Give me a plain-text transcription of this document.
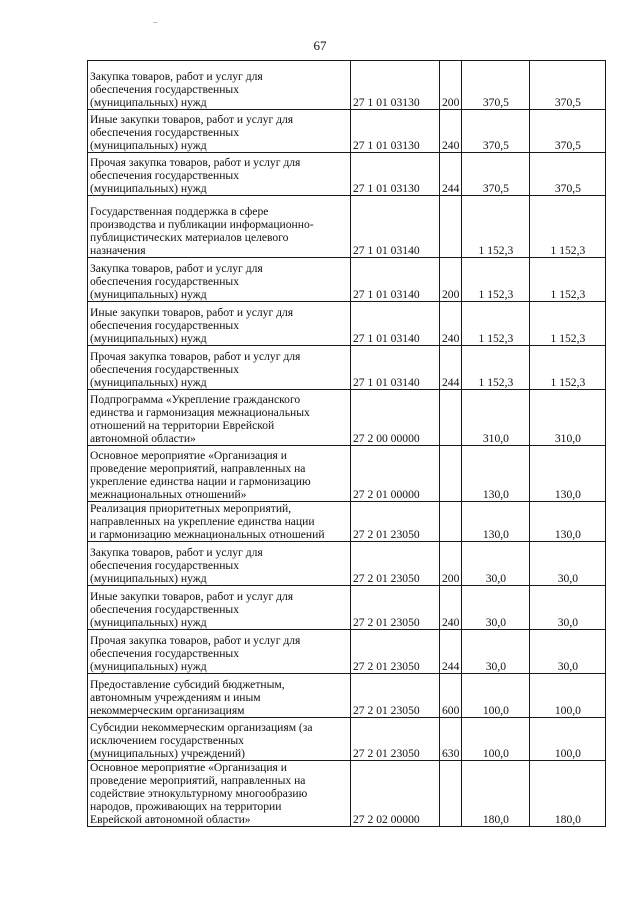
67
Закупка товаров, работ и услуг для
обеспечения государственных
(муниципальных) нужд	27 1 01 03130	200	370,5	370,5
Иные закупки товаров, работ и услуг для
обеспечения государственных
(муниципальных) нужд	27 1 01 03130	240	370,5	370,5
Прочая закупка товаров, работ и услуг для
обеспечения государственных
(муниципальных) нужд	27 1 01 03130	244	370,5	370,5
Государственная поддержка в сфере
производства и публикации информационно-
публицистических материалов целевого
назначения	27 1 01 03140		1 152,3	1 152,3
Закупка товаров, работ и услуг для
обеспечения государственных
(муниципальных) нужд	27 1 01 03140	200	1 152,3	1 152,3
Иные закупки товаров, работ и услуг для
обеспечения государственных
(муниципальных) нужд	27 1 01 03140	240	1 152,3	1 152,3
Прочая закупка товаров, работ и услуг для
обеспечения государственных
(муниципальных) нужд	27 1 01 03140	244	1 152,3	1 152,3
Подпрограмма «Укрепление гражданского
единства и гармонизация межнациональных
отношений на территории Еврейской
автономной области»	27 2 00 00000		310,0	310,0
Основное мероприятие «Организация и
проведение мероприятий, направленных на
укрепление единства нации и гармонизацию
межнациональных отношений»	27 2 01 00000		130,0	130,0
Реализация приоритетных мероприятий,
направленных на укрепление единства нации
и гармонизацию межнациональных отношений	27 2 01 23050		130,0	130,0
Закупка товаров, работ и услуг для
обеспечения государственных
(муниципальных) нужд	27 2 01 23050	200	30,0	30,0
Иные закупки товаров, работ и услуг для
обеспечения государственных
(муниципальных) нужд	27 2 01 23050	240	30,0	30,0
Прочая закупка товаров, работ и услуг для
обеспечения государственных
(муниципальных) нужд	27 2 01 23050	244	30,0	30,0
Предоставление субсидий бюджетным,
автономным учреждениям и иным
некоммерческим организациям	27 2 01 23050	600	100,0	100,0
Субсидии некоммерческим организациям (за
исключением государственных
(муниципальных) учреждений)	27 2 01 23050	630	100,0	100,0
Основное мероприятие «Организация и
проведение мероприятий, направленных на
содействие этнокультурному многообразию
народов, проживающих на территории
Еврейской автономной области»	27 2 02 00000		180,0	180,0
